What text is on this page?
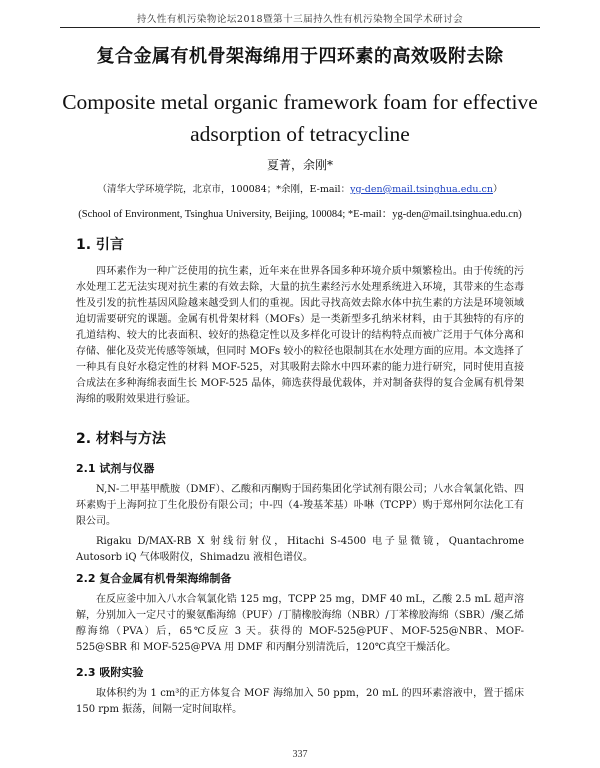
持久性有机污染物论坛2018暨第十三届持久性有机污染物全国学术研讨会
复合金属有机骨架海绵用于四环素的高效吸附去除
Composite metal organic framework foam for effective
adsorption of tetracycline
夏菁，余刚*
（清华大学环境学院，北京市，100084；*余刚，E-mail：yg-den@mail.tsinghua.edu.cn）
(School of Environment, Tsinghua University, Beijing, 100084; *E-mail：yg-den@mail.tsinghua.edu.cn)
1. 引言

四环素作为一种广泛使用的抗生素，近年来在世界各国多种环境介质中频繁检出。由于传统的污水处理工艺无法实现对抗生素的有效去除，大量的抗生素经污水处理系统进入环境，其带来的生态毒性及引发的抗性基因风险越来越受到人们的重视。因此寻找高效去除水体中抗生素的方法是环境领域迫切需要研究的课题。金属有机骨架材料（MOFs）是一类新型多孔纳米材料，由于其独特的有序的孔道结构、较大的比表面积、较好的热稳定性以及多样化可设计的结构特点而被广泛用于气体分离和存储、催化及荧光传感等领域，但同时 MOFs 较小的粒径也限制其在水处理方面的应用。本文选择了一种具有良好水稳定性的材料 MOF-525，对其吸附去除水中四环素的能力进行研究，同时使用直接合成法在多种海绵表面生长 MOF-525 晶体，筛选获得最优载体，并对制备获得的复合金属有机骨架海绵的吸附效果进行验证。

2. 材料与方法
2.1 试剂与仪器

N,N-二甲基甲酰胺（DMF）、乙酸和丙酮购于国药集团化学试剂有限公司；八水合氧氯化锆、四环素购于上海阿拉丁生化股份有限公司；中-四（4-羧基苯基）卟啉（TCPP）购于郑州阿尔法化工有限公司。

Rigaku D/MAX-RB X 射线衍射仪，Hitachi S-4500 电子显微镜，Quantachrome Autosorb iQ 气体吸附仪，Shimadzu 液相色谱仪。

2.2 复合金属有机骨架海绵制备

在反应釜中加入八水合氧氯化锆 125 mg，TCPP 25 mg，DMF 40 mL，乙酸 2.5 mL 超声溶解，分别加入一定尺寸的聚氨酯海绵（PUF）/丁腈橡胶海绵（NBR）/丁苯橡胶海绵（SBR）/聚乙烯醇海绵（PVA）后，65℃反应 3 天。获得的 MOF-525@PUF、MOF-525@NBR、MOF-525@SBR 和 MOF-525@PVA 用 DMF 和丙酮分别清洗后，120℃真空干燥活化。

2.3 吸附实验

取体积约为 1 cm³的正方体复合 MOF 海绵加入 50 ppm，20 mL 的四环素溶液中，置于摇床 150 rpm 振荡，间隔一定时间取样。

337
